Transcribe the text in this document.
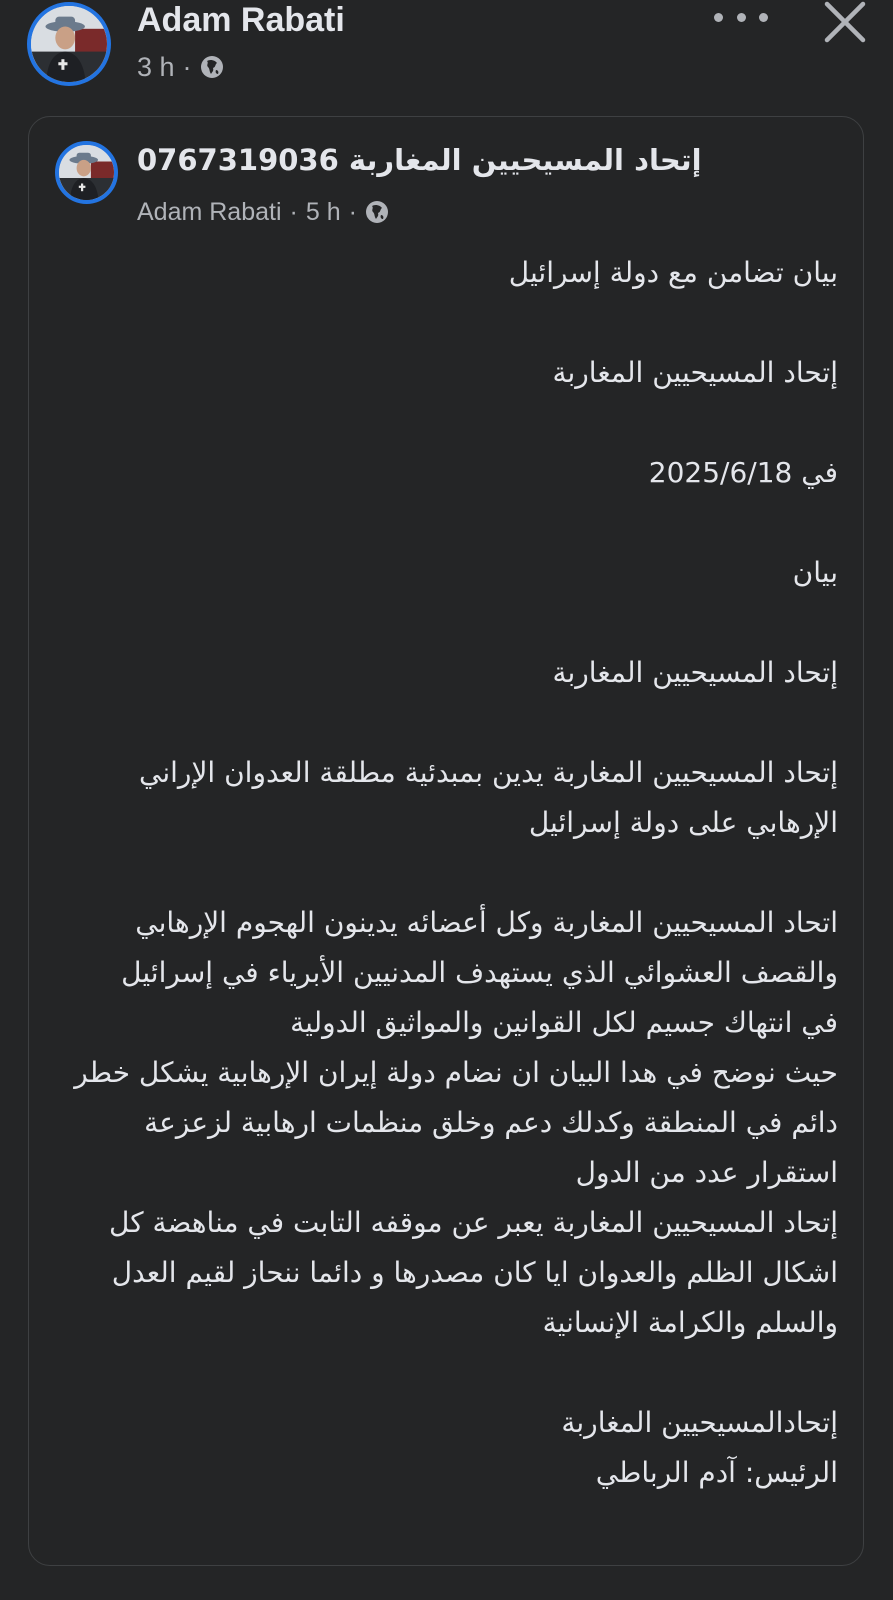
Adam Rabati
3 h ·
إتحاد المسيحيين المغاربة 0767319036
Adam Rabati · 5 h ·

بيان تضامن مع دولة إسرائيل

إتحاد المسيحيين المغاربة

في 2025/6/18

بيان

إتحاد المسيحيين المغاربة

إتحاد المسيحيين المغاربة يدين بمبدئية مطلقة العدوان الإراني الإرهابي على دولة إسرائيل

اتحاد المسيحيين المغاربة وكل أعضائه يدينون الهجوم الإرهابي والقصف العشوائي الذي يستهدف المدنيين الأبرياء في إسرائيل

في انتهاك جسيم لكل القوانين والمواثيق الدولية

حيث نوضح في هدا البيان ان نضام دولة إيران الإرهابية يشكل خطر دائم في المنطقة وكدلك دعم وخلق منظمات ارهابية لزعزعة استقرار عدد من الدول

إتحاد المسيحيين المغاربة يعبر عن موقفه التابت في مناهضة كل اشكال الظلم والعدوان ايا كان مصدرها و دائما ننحاز لقيم العدل والسلم والكرامة الإنسانية

إتحادالمسيحيين المغاربة

الرئيس: آدم الرباطي
